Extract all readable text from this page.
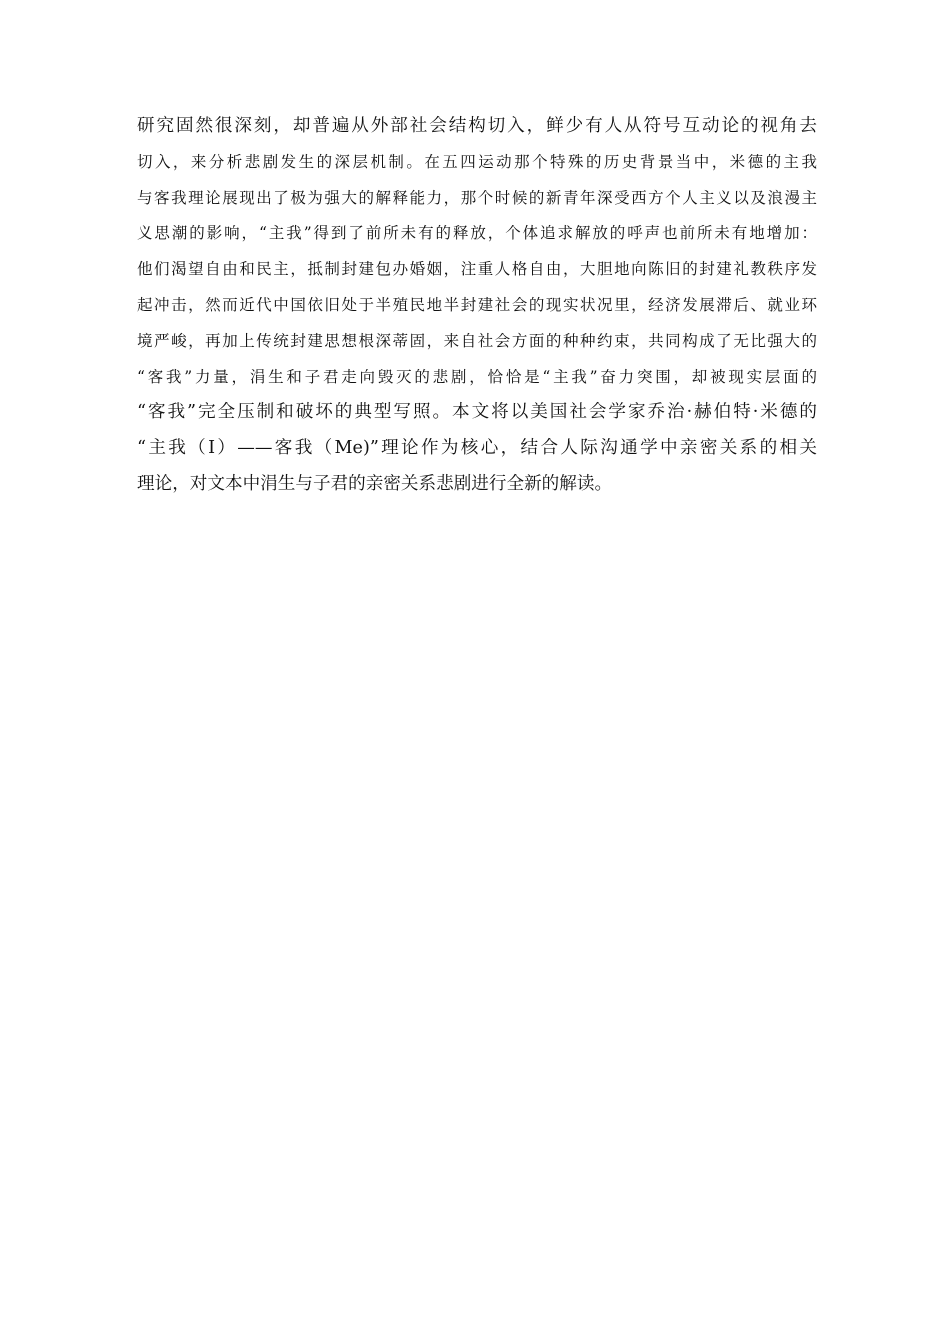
研究固然很深刻，却普遍从外部社会结构切入，鲜少有人从符号互动论的视角去
切入，来分析悲剧发生的深层机制。在五四运动那个特殊的历史背景当中，米德的主我
与客我理论展现出了极为强大的解释能力，那个时候的新青年深受西方个人主义以及浪漫主
义思潮的影响，“主我”得到了前所未有的释放，个体追求解放的呼声也前所未有地增加：
他们渴望自由和民主，抵制封建包办婚姻，注重人格自由，大胆地向陈旧的封建礼教秩序发
起冲击，然而近代中国依旧处于半殖民地半封建社会的现实状况里，经济发展滞后、就业环
境严峻，再加上传统封建思想根深蒂固，来自社会方面的种种约束，共同构成了无比强大的
“客我”力量，涓生和子君走向毁灭的悲剧，恰恰是“主我”奋力突围，却被现实层面的
“客我”完全压制和破坏的典型写照。本文将以美国社会学家乔治·赫伯特·米德的
“主我（I）——客我（Me)”理论作为核心，结合人际沟通学中亲密关系的相关
理论，对文本中涓生与子君的亲密关系悲剧进行全新的解读。
